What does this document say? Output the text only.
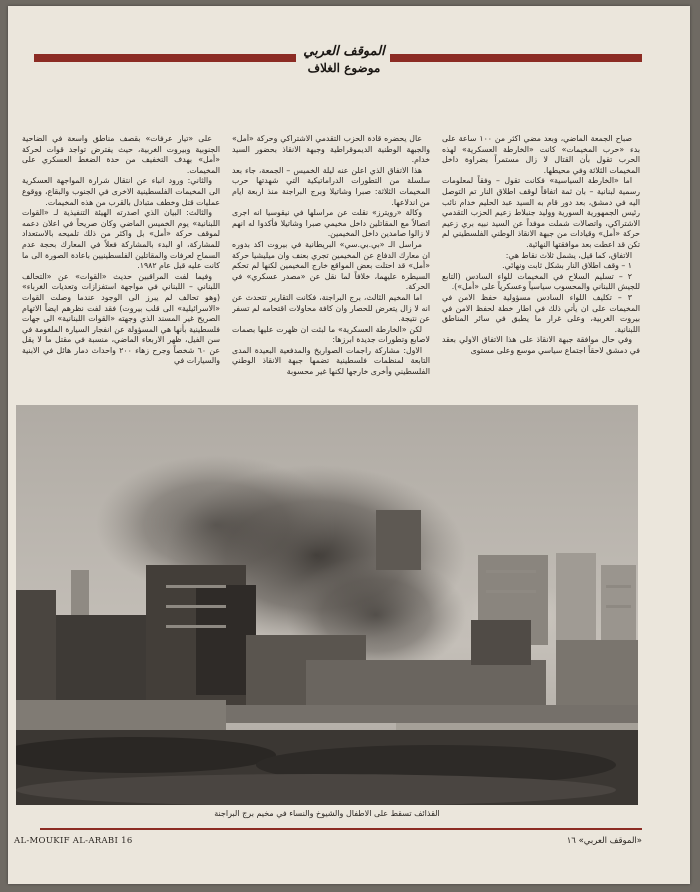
الموقف العربي
موضوع الغلاف

صباح الجمعة الماضي، وبعد مضي اكثر من ١٠٠ ساعة على بدء «حرب المخيمات» كانت «الخارطة العسكرية» لهذه الحرب تقول بأن القتال لا زال مستمراً بضراوة داخل المخيمات الثلاثة وفي محيطها.

اما «الخارطة السياسية» فكانت تقول – وفقاً لمعلومات رسمية لبنانية – بان ثمة اتفاقاً لوقف اطلاق النار تم التوصل اليه في دمشق، بعد دور قام به السيد عبد الحليم خدام نائب رئيس الجمهورية السورية ووليد جنبلاط زعيم الحزب التقدمي الاشتراكي، واتصالات شملت موفداً عن السيد نبيه بري زعيم حركة «أمل» وقيادات من جبهة الانقاذ الوطني الفلسطيني لم تكن قد اعطت بعد موافقتها النهائية.

الاتفاق، كما قيل، يشمل ثلاث نقاط هي:

١ – وقف اطلاق النار بشكل ثابت ونهائي.

٢ – تسليم السلاح في المخيمات للواء السادس (التابع للجيش اللبناني والمحسوب سياسياً وعسكرياً على «أمل»).

٣ – تكليف اللواء السادس مسؤولية حفظ الامن في المخيمات على ان يأتي ذلك في اطار خطة لحفظ الامن في بيروت الغربية، وعلى غرار ما يطبق في سائر المناطق اللبنانية.

وفي حال موافقة جبهة الانقاذ على هذا الاتفاق الاولي بعقد في دمشق لاحقاً اجتماع سياسي موسع وعلى مستوى

عال يحضره قادة الحزب التقدمي الاشتراكي وحركة «أمل» والجبهة الوطنية الديموقراطية وجبهة الانقاذ بحضور السيد خدام.

هذا الاتفاق الذي اعلن عنه ليلة الخميس – الجمعة، جاء بعد سلسلة من التطورات الدراماتيكية التي شهدتها حرب المخيمات الثلاثة: صبرا وشاتيلا وبرج البراجنة منذ اربعة ايام من اندلاعها.

وكالة «رويترز» نقلت عن مراسلها في نيقوسيا انه اجرى اتصالاً مع المقاتلين داخل مخيمي صبرا وشاتيلا فأكدوا له انهم لا زالوا صامدين داخل المخيمين.

مراسل الـ «بي.بي.سي» البريطانية في بيروت اكد بدوره ان معارك الدفاع عن المخيمين تجري بعنف وان ميليشيا حركة «أمل» قد احتلت بعض المواقع خارج المخيمين لكنها لم تحكم السيطرة عليهما، خلافاً لما نقل عن «مصدر عسكري» في الحركة.

اما المخيم الثالث، برج البراجنة، فكانت التقارير تتحدث عن انه لا زال يتعرض للحصار وان كافة محاولات اقتحامه لم تسفر عن نتيجة.

لكن «الخارطة العسكرية» ما لبثت ان ظهرت عليها بصمات لاصابع وتطورات جديدة ابرزها:

الاول: مشاركة راجمات الصواريخ والمدفعية البعيدة المدى التابعة لمنظمات فلسطينية تضمها جبهة الانقاذ الوطني الفلسطيني وأخرى خارجها لكنها غير محسوبة

على «تيار عرفات» بقصف مناطق واسعة في الضاحية الجنوبية وبيروت الغربية، حيث يفترض تواجد قوات لحركة «أمل» بهدف التخفيف من حدة الضغط العسكري على المخيمات.

والثاني: ورود انباء عن انتقال شرارة المواجهة العسكرية الى المخيمات الفلسطينية الاخرى في الجنوب والبقاع، ووقوع عمليات قتل وخطف متبادل بالقرب من هذه المخيمات.

والثالث: البيان الذي اصدرته الهيئة التنفيذية لـ «القوات اللبنانية» يوم الخميس الماضي وكان صريحاً في اعلان دعمه لموقف حركة «أمل» بل واكثر من ذلك تلميحه بالاستعداد للمشاركة، او البدء بالمشاركة فعلاً في المعارك بحجة عدم السماح لعرفات والمقاتلين الفلسطينيين باعادة الصورة الى ما كانت عليه قبل عام ١٩٨٢.

وفيما لفت المراقبين حديث «القوات» عن «التحالف اللبناني – اللبناني في مواجهة استفزازات وتعديات الغرباء» (وهو تحالف لم يبرز الى الوجود عندما وصلت القوات «الاسرائيلية» الى قلب بيروت) فقد لفت نظرهم ايضاً الاتهام الصريح غير المسند الذي وجهته «القوات اللبنانية» الى جهات فلسطينية بأنها هي المسؤولة عن انفجار السيارة الملغومة في سن الفيل، ظهر الاربعاء الماضي، منسبة في مقتل ما لا يقل عن ٦٠ شخصاً وجرح زهاء ٢٠٠ واحداث دمار هائل في الابنية والسيارات في

القذائف تسقط على الاطفال والشيوخ والنساء في مخيم برج البراجنة
AL-MOUKIF AL-ARABI 16	«الموقف العربي» ١٦
